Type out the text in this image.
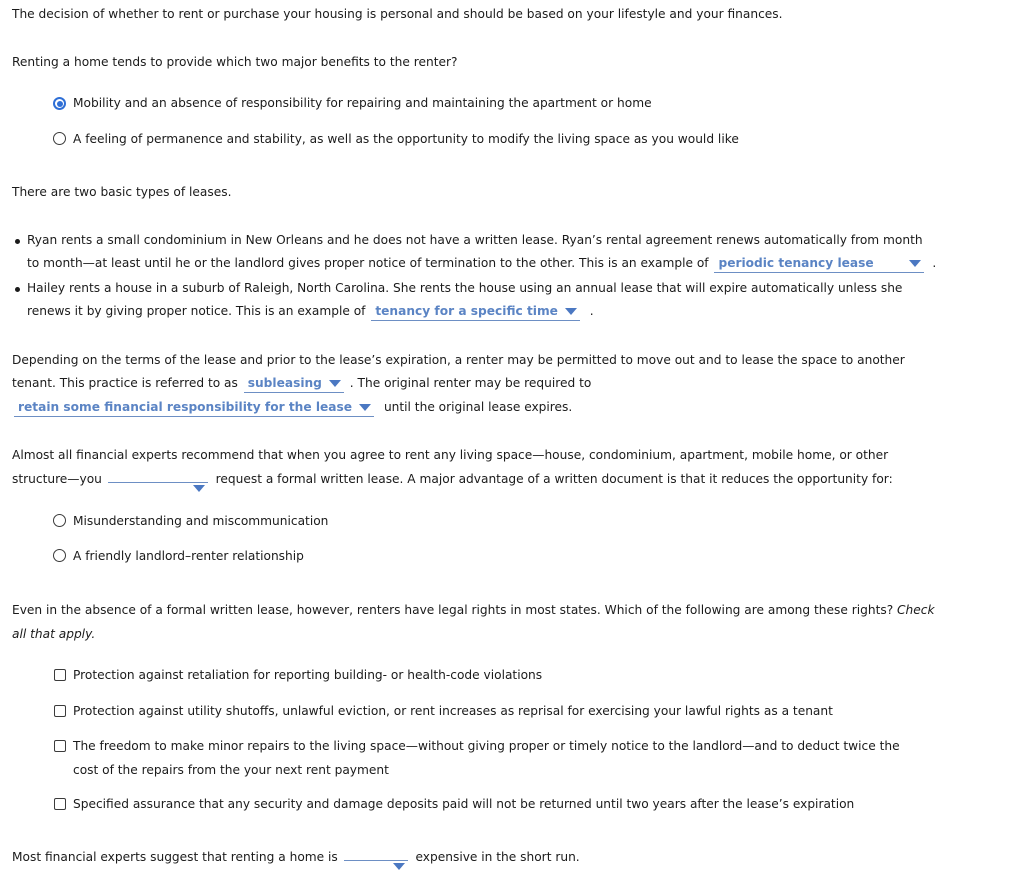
The decision of whether to rent or purchase your housing is personal and should be based on your lifestyle and your finances.
Renting a home tends to provide which two major benefits to the renter?
Mobility and an absence of responsibility for repairing and maintaining the apartment or home
A feeling of permanence and stability, as well as the opportunity to modify the living space as you would like
There are two basic types of leases.
Ryan rents a small condominium in New Orleans and he does not have a written lease. Ryan’s rental agreement renews automatically from month
to month—at least until he or the landlord gives proper notice of termination to the other. This is an example of periodic tenancy lease	.
Hailey rents a house in a suburb of Raleigh, North Carolina. She rents the house using an annual lease that will expire automatically unless she
renews it by giving proper notice. This is an example of tenancy for a specific time	.
Depending on the terms of the lease and prior to the lease’s expiration, a renter may be permitted to move out and to lease the space to another
tenant. This practice is referred to as subleasing . The original renter may be required to
retain some financial responsibility for the lease	until the original lease expires.
Almost all financial experts recommend that when you agree to rent any living space—house, condominium, apartment, mobile home, or other
structure—you	request a formal written lease. A major advantage of a written document is that it reduces the opportunity for:
Misunderstanding and miscommunication
A friendly landlord–renter relationship
Even in the absence of a formal written lease, however, renters have legal rights in most states. Which of the following are among these rights? Check
all that apply.
Protection against retaliation for reporting building- or health-code violations
Protection against utility shutoffs, unlawful eviction, or rent increases as reprisal for exercising your lawful rights as a tenant
The freedom to make minor repairs to the living space—without giving proper or timely notice to the landlord—and to deduct twice the
cost of the repairs from the your next rent payment
Specified assurance that any security and damage deposits paid will not be returned until two years after the lease’s expiration
Most financial experts suggest that renting a home is	expensive in the short run.
